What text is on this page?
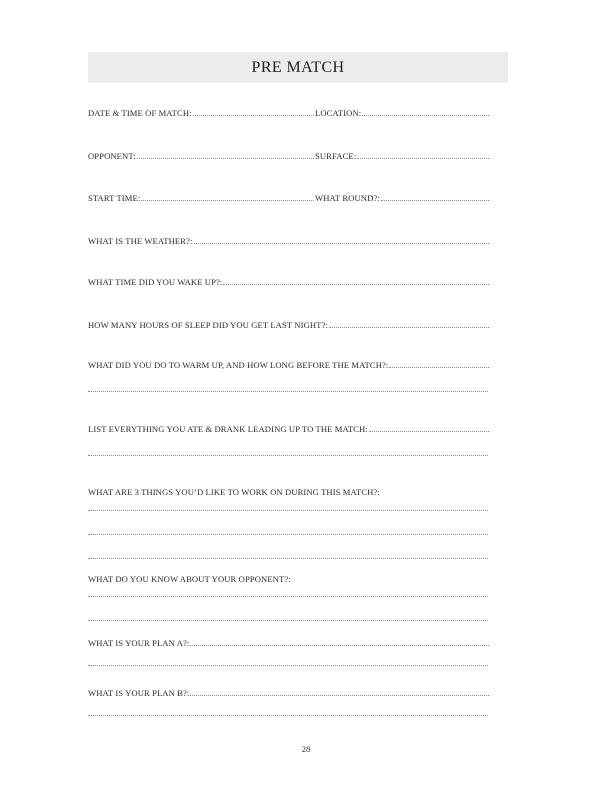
PRE MATCH
DATE & TIME OF MATCH:	LOCATION:
OPPONENT:	SURFACE:
START TIME:	WHAT ROUND?:
WHAT IS THE WEATHER?:
WHAT TIME DID YOU WAKE UP?:
HOW MANY HOURS OF SLEEP DID YOU GET LAST NIGHT?:
WHAT DID YOU DO TO WARM UP, AND HOW LONG BEFORE THE MATCH?:
LIST EVERYTHING YOU ATE & DRANK LEADING UP TO THE MATCH:
WHAT ARE 3 THINGS YOU’D LIKE TO WORK ON DURING THIS MATCH?:
WHAT DO YOU KNOW ABOUT YOUR OPPONENT?:
WHAT IS YOUR PLAN A?:
WHAT IS YOUR PLAN B?:
28
